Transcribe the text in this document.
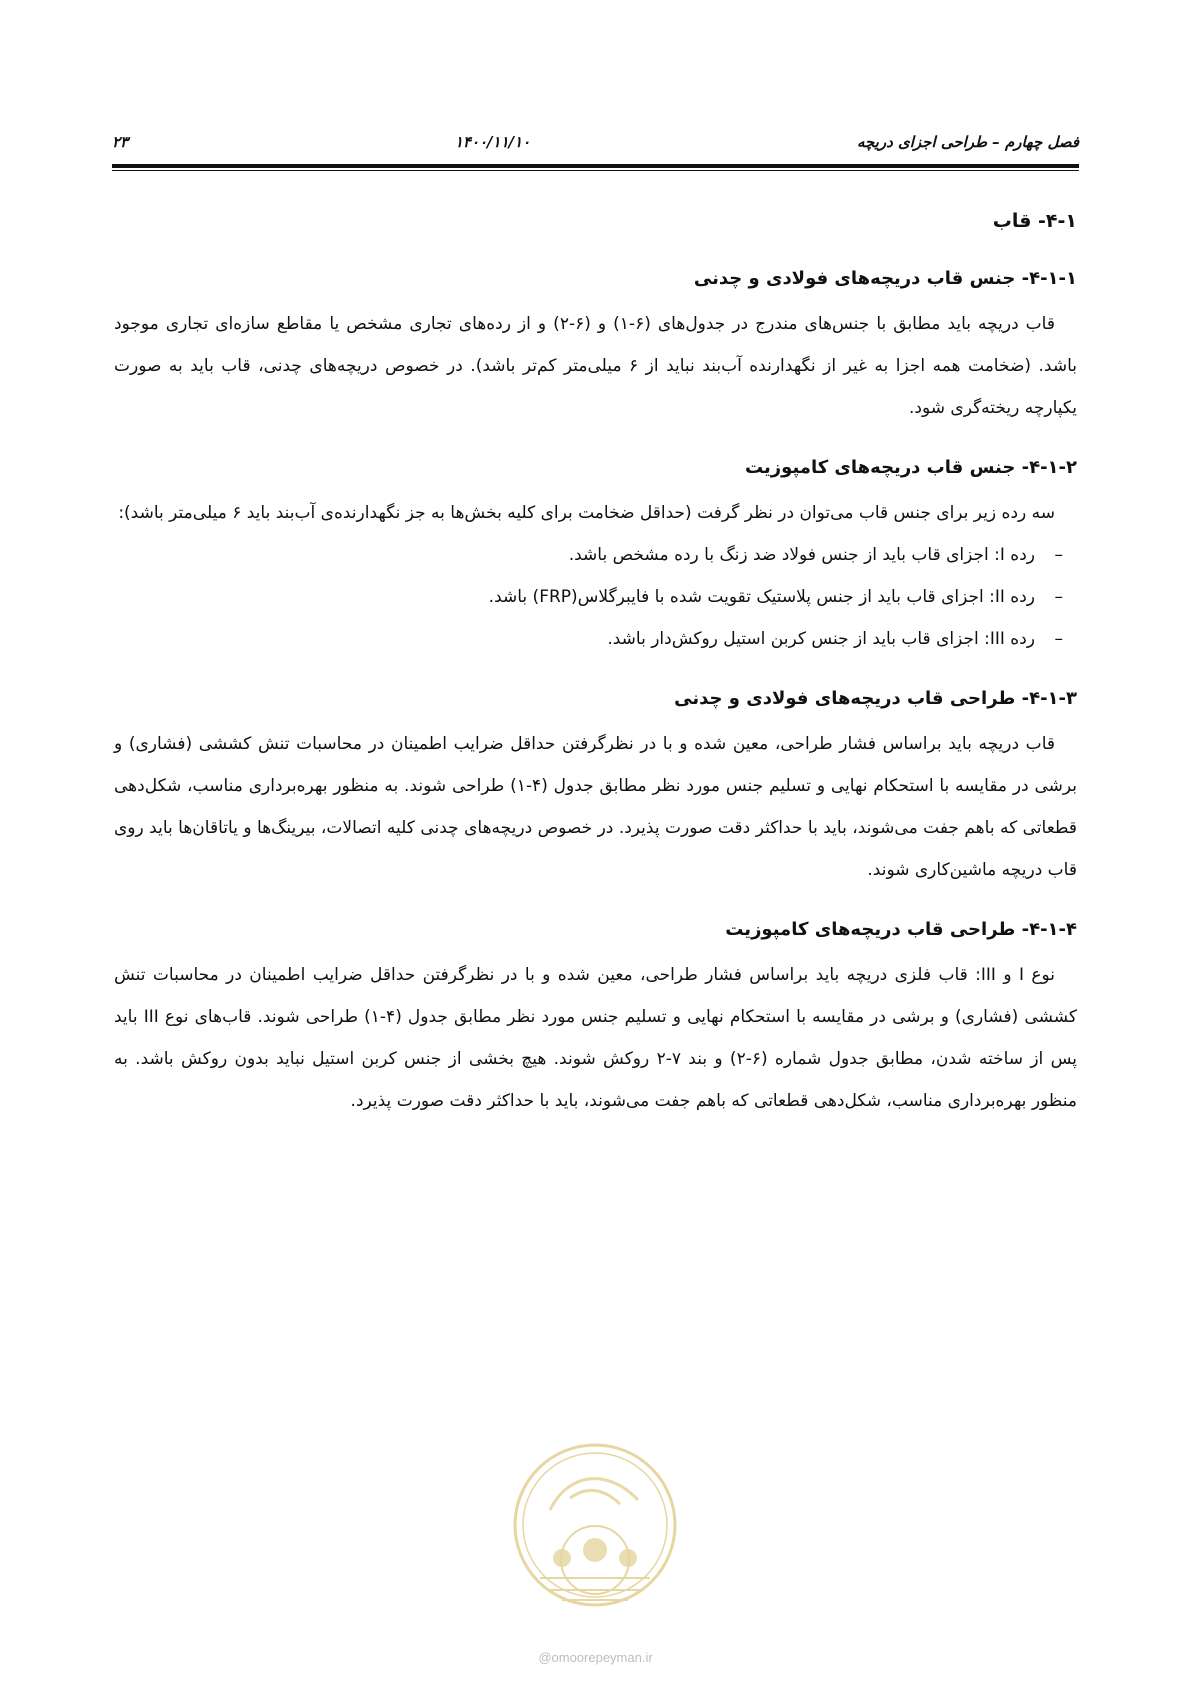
فصل چهارم – طراحی اجزای دریچه
۱۴۰۰/۱۱/۱۰
۲۳
۴-۱- قاب
۴-۱-۱- جنس قاب دریچه‌های فولادی و چدنی

قاب دریچه باید مطابق با جنس‌های مندرج در جدول‌های (۶-۱) و (۶-۲) و از رده‌های تجاری مشخص یا مقاطع سازه‌ای تجاری موجود باشد. (ضخامت همه اجزا به غیر از نگهدارنده آب‌بند نباید از ۶ میلی‌متر کم‌تر باشد). در خصوص دریچه‌های چدنی، قاب باید به صورت یکپارچه ریخته‌گری شود.

۴-۱-۲- جنس قاب دریچه‌های کامپوزیت

سه رده زیر برای جنس قاب می‌توان در نظر گرفت (حداقل ضخامت برای کلیه بخش‌ها به جز نگهدارنده‌ی آب‌بند باید ۶ میلی‌متر باشد):

–رده I: اجزای قاب باید از جنس فولاد ضد زنگ با رده مشخص باشد.
–رده II: اجزای قاب باید از جنس پلاستیک تقویت شده با فایبرگلاس(FRP) باشد.
–رده III: اجزای قاب باید از جنس کربن استیل روکش‌دار باشد.
۴-۱-۳- طراحی قاب دریچه‌های فولادی و چدنی

قاب دریچه باید براساس فشار طراحی، معین شده و با در نظرگرفتن حداقل ضرایب اطمینان در محاسبات تنش کششی (فشاری) و برشی در مقایسه با استحکام نهایی و تسلیم جنس مورد نظر مطابق جدول (۴-۱) طراحی شوند. به منظور بهره‌برداری مناسب، شکل‌دهی قطعاتی که باهم جفت می‌شوند، باید با حداکثر دقت صورت پذیرد. در خصوص دریچه‌های چدنی کلیه اتصالات، بیرینگ‌ها و یاتاقان‌ها باید روی قاب دریچه ماشین‌کاری شوند.

۴-۱-۴- طراحی قاب دریچه‌های کامپوزیت

نوع I و III: قاب فلزی دریچه باید براساس فشار طراحی، معین شده و با در نظرگرفتن حداقل ضرایب اطمینان در محاسبات تنش کششی (فشاری) و برشی در مقایسه با استحکام نهایی و تسلیم جنس مورد نظر مطابق جدول (۴-۱) طراحی شوند. قاب‌های نوع III باید پس از ساخته شدن، مطابق جدول شماره (۶-۲) و بند ۷-۲ روکش شوند. هیچ بخشی از جنس کربن استیل نباید بدون روکش باشد. به منظور بهره‌برداری مناسب، شکل‌دهی قطعاتی که باهم جفت می‌شوند، باید با حداکثر دقت صورت پذیرد.

@omoorepeyman.ir
